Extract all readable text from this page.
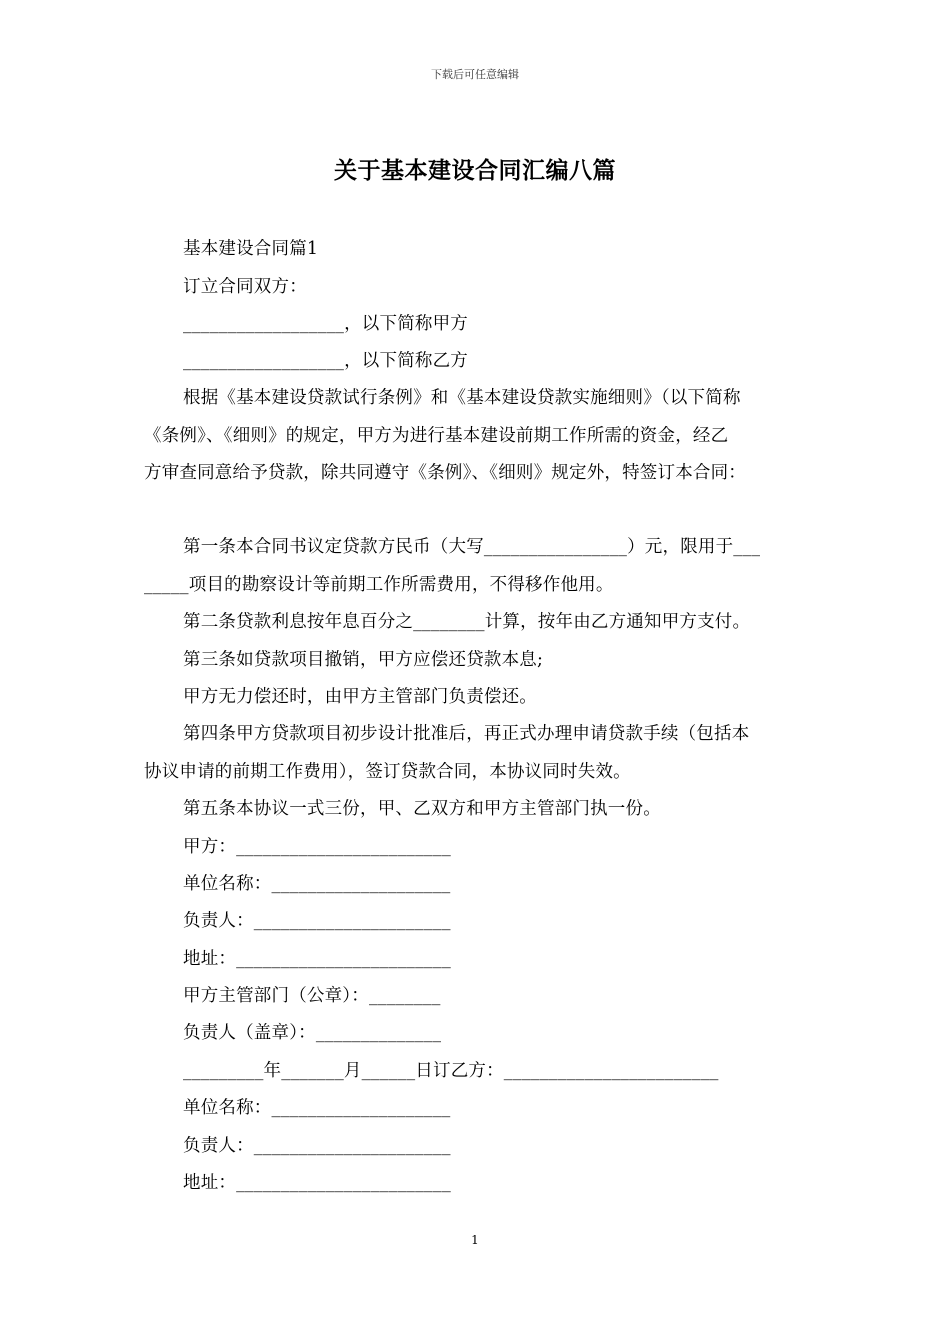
下载后可任意编辑
关于基本建设合同汇编八篇
基本建设合同篇1
订立合同双方：
__________________，以下简称甲方
__________________，以下简称乙方
根据《基本建设贷款试行条例》和《基本建设贷款实施细则》（以下简称
《条例》、《细则》的规定，甲方为进行基本建设前期工作所需的资金，经乙
方审查同意给予贷款，除共同遵守《条例》、《细则》规定外，特签订本合同：
第一条本合同书议定贷款方民币（大写________________）元，限用于___
_____项目的勘察设计等前期工作所需费用，不得移作他用。
第二条贷款利息按年息百分之________计算，按年由乙方通知甲方支付。
第三条如贷款项目撤销，甲方应偿还贷款本息;
甲方无力偿还时，由甲方主管部门负责偿还。
第四条甲方贷款项目初步设计批准后，再正式办理申请贷款手续（包括本
协议申请的前期工作费用），签订贷款合同，本协议同时失效。
第五条本协议一式三份，甲、乙双方和甲方主管部门执一份。
甲方：________________________
单位名称：____________________
负责人：______________________
地址：________________________
甲方主管部门（公章）：________
负责人（盖章）：______________
_________年_______月______日订乙方：________________________
单位名称：____________________
负责人：______________________
地址：________________________
1
